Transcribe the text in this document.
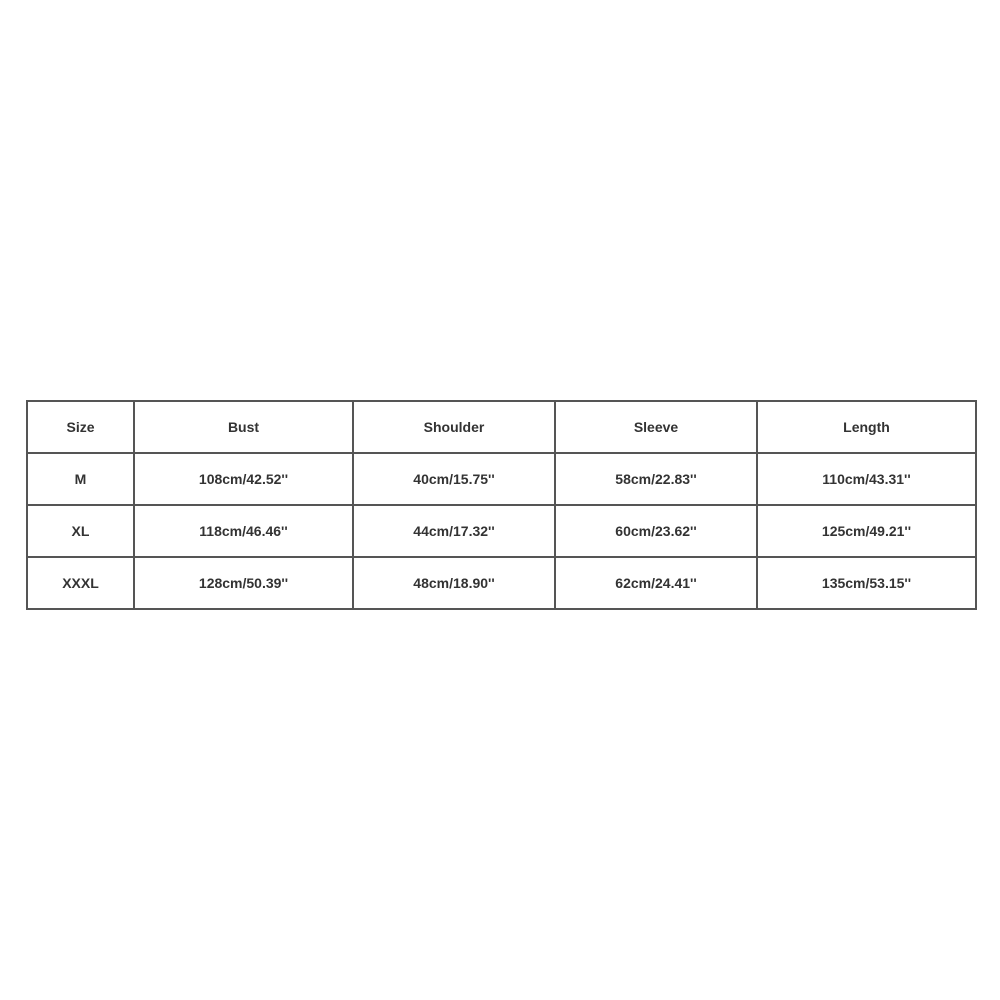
Size	Bust	Shoulder	Sleeve	Length
M	108cm/42.52''	40cm/15.75''	58cm/22.83''	110cm/43.31''
XL	118cm/46.46''	44cm/17.32''	60cm/23.62''	125cm/49.21''
XXXL	128cm/50.39''	48cm/18.90''	62cm/24.41''	135cm/53.15''
